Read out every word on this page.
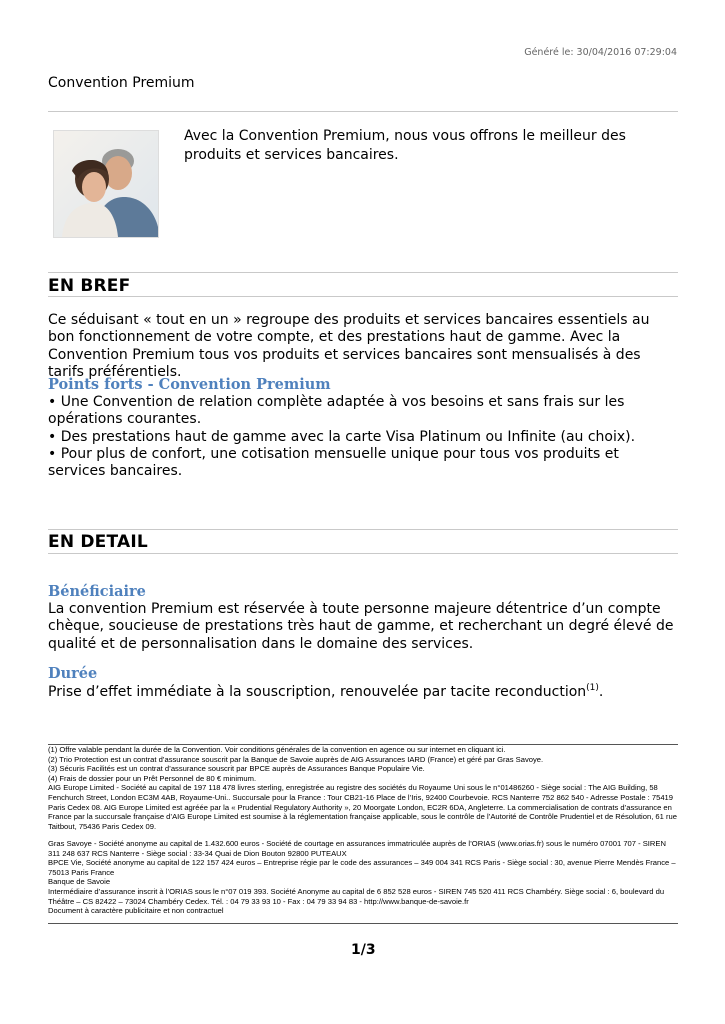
Généré le: 30/04/2016 07:29:04
Convention Premium
Avec la Convention Premium, nous vous offrons le meilleur des produits et services bancaires.
EN BREF
Ce séduisant « tout en un » regroupe des produits et services bancaires essentiels au bon fonctionnement de votre compte, et des prestations haut de gamme. Avec la Convention Premium tous vos produits et services bancaires sont mensualisés à des tarifs préférentiels.
Points forts - Convention Premium
• Une Convention de relation complète adaptée à vos besoins et sans frais sur les opérations courantes.
• Des prestations haut de gamme avec la carte Visa Platinum ou Infinite (au choix).
• Pour plus de confort, une cotisation mensuelle unique pour tous vos produits et services bancaires.
EN DETAIL
Bénéficiaire
La convention Premium est réservée à toute personne majeure détentrice d’un compte chèque, soucieuse de prestations très haut de gamme, et recherchant un degré élevé de qualité et de personnalisation dans le domaine des services.
Durée
Prise d’effet immédiate à la souscription, renouvelée par tacite reconduction$^{(1)}$.
(1) Offre valable pendant la durée de la Convention. Voir conditions générales de la convention en agence ou sur internet en cliquant ici.
(2) Trio Protection est un contrat d’assurance souscrit par la Banque de Savoie auprès de AIG Assurances IARD (France) et géré par Gras Savoye.
(3) Sécuris Facilités est un contrat d’assurance souscrit par BPCE auprès de Assurances Banque Populaire Vie.
(4) Frais de dossier pour un Prêt Personnel de 80 € minimum.
AIG Europe Limited - Société au capital de 197 118 478 livres sterling, enregistrée au registre des sociétés du Royaume Uni sous le n°01486260 - Siège social : The AIG Building, 58 Fenchurch Street, London EC3M 4AB, Royaume-Uni.. Succursale pour la France : Tour CB21-16 Place de l’Iris, 92400 Courbevoie. RCS Nanterre 752 862 540 - Adresse Postale : 75419 Paris Cedex 08. AIG Europe Limited est agréée par la « Prudential Regulatory Authority », 20 Moorgate London, EC2R 6DA, Angleterre. La commercialisation de contrats d’assurance en France par la succursale française d’AIG Europe Limited est soumise à la réglementation française applicable, sous le contrôle de l’Autorité de Contrôle Prudentiel et de Résolution, 61 rue Taitbout, 75436 Paris Cedex 09.
Gras Savoye - Société anonyme au capital de 1.432.600 euros - Société de courtage en assurances immatriculée auprès de l’ORIAS (www.orias.fr) sous le numéro 07001 707 - SIREN 311 248 637 RCS Nanterre - Siège social : 33-34 Quai de Dion Bouton 92800 PUTEAUX
BPCE Vie, Société anonyme au capital de 122 157 424 euros – Entreprise régie par le code des assurances – 349 004 341 RCS Paris - Siège social : 30, avenue Pierre Mendès France – 75013 Paris France
Banque de Savoie
Intermédiaire d’assurance inscrit à l’ORIAS sous le n°07 019 393. Société Anonyme au capital de 6 852 528 euros - SIREN 745 520 411 RCS Chambéry. Siège social : 6, boulevard du Théâtre – CS 82422 – 73024 Chambéry Cedex. Tél. : 04 79 33 93 10 - Fax : 04 79 33 94 83 - http://www.banque-de-savoie.fr
Document à caractère publicitaire et non contractuel
1/3
